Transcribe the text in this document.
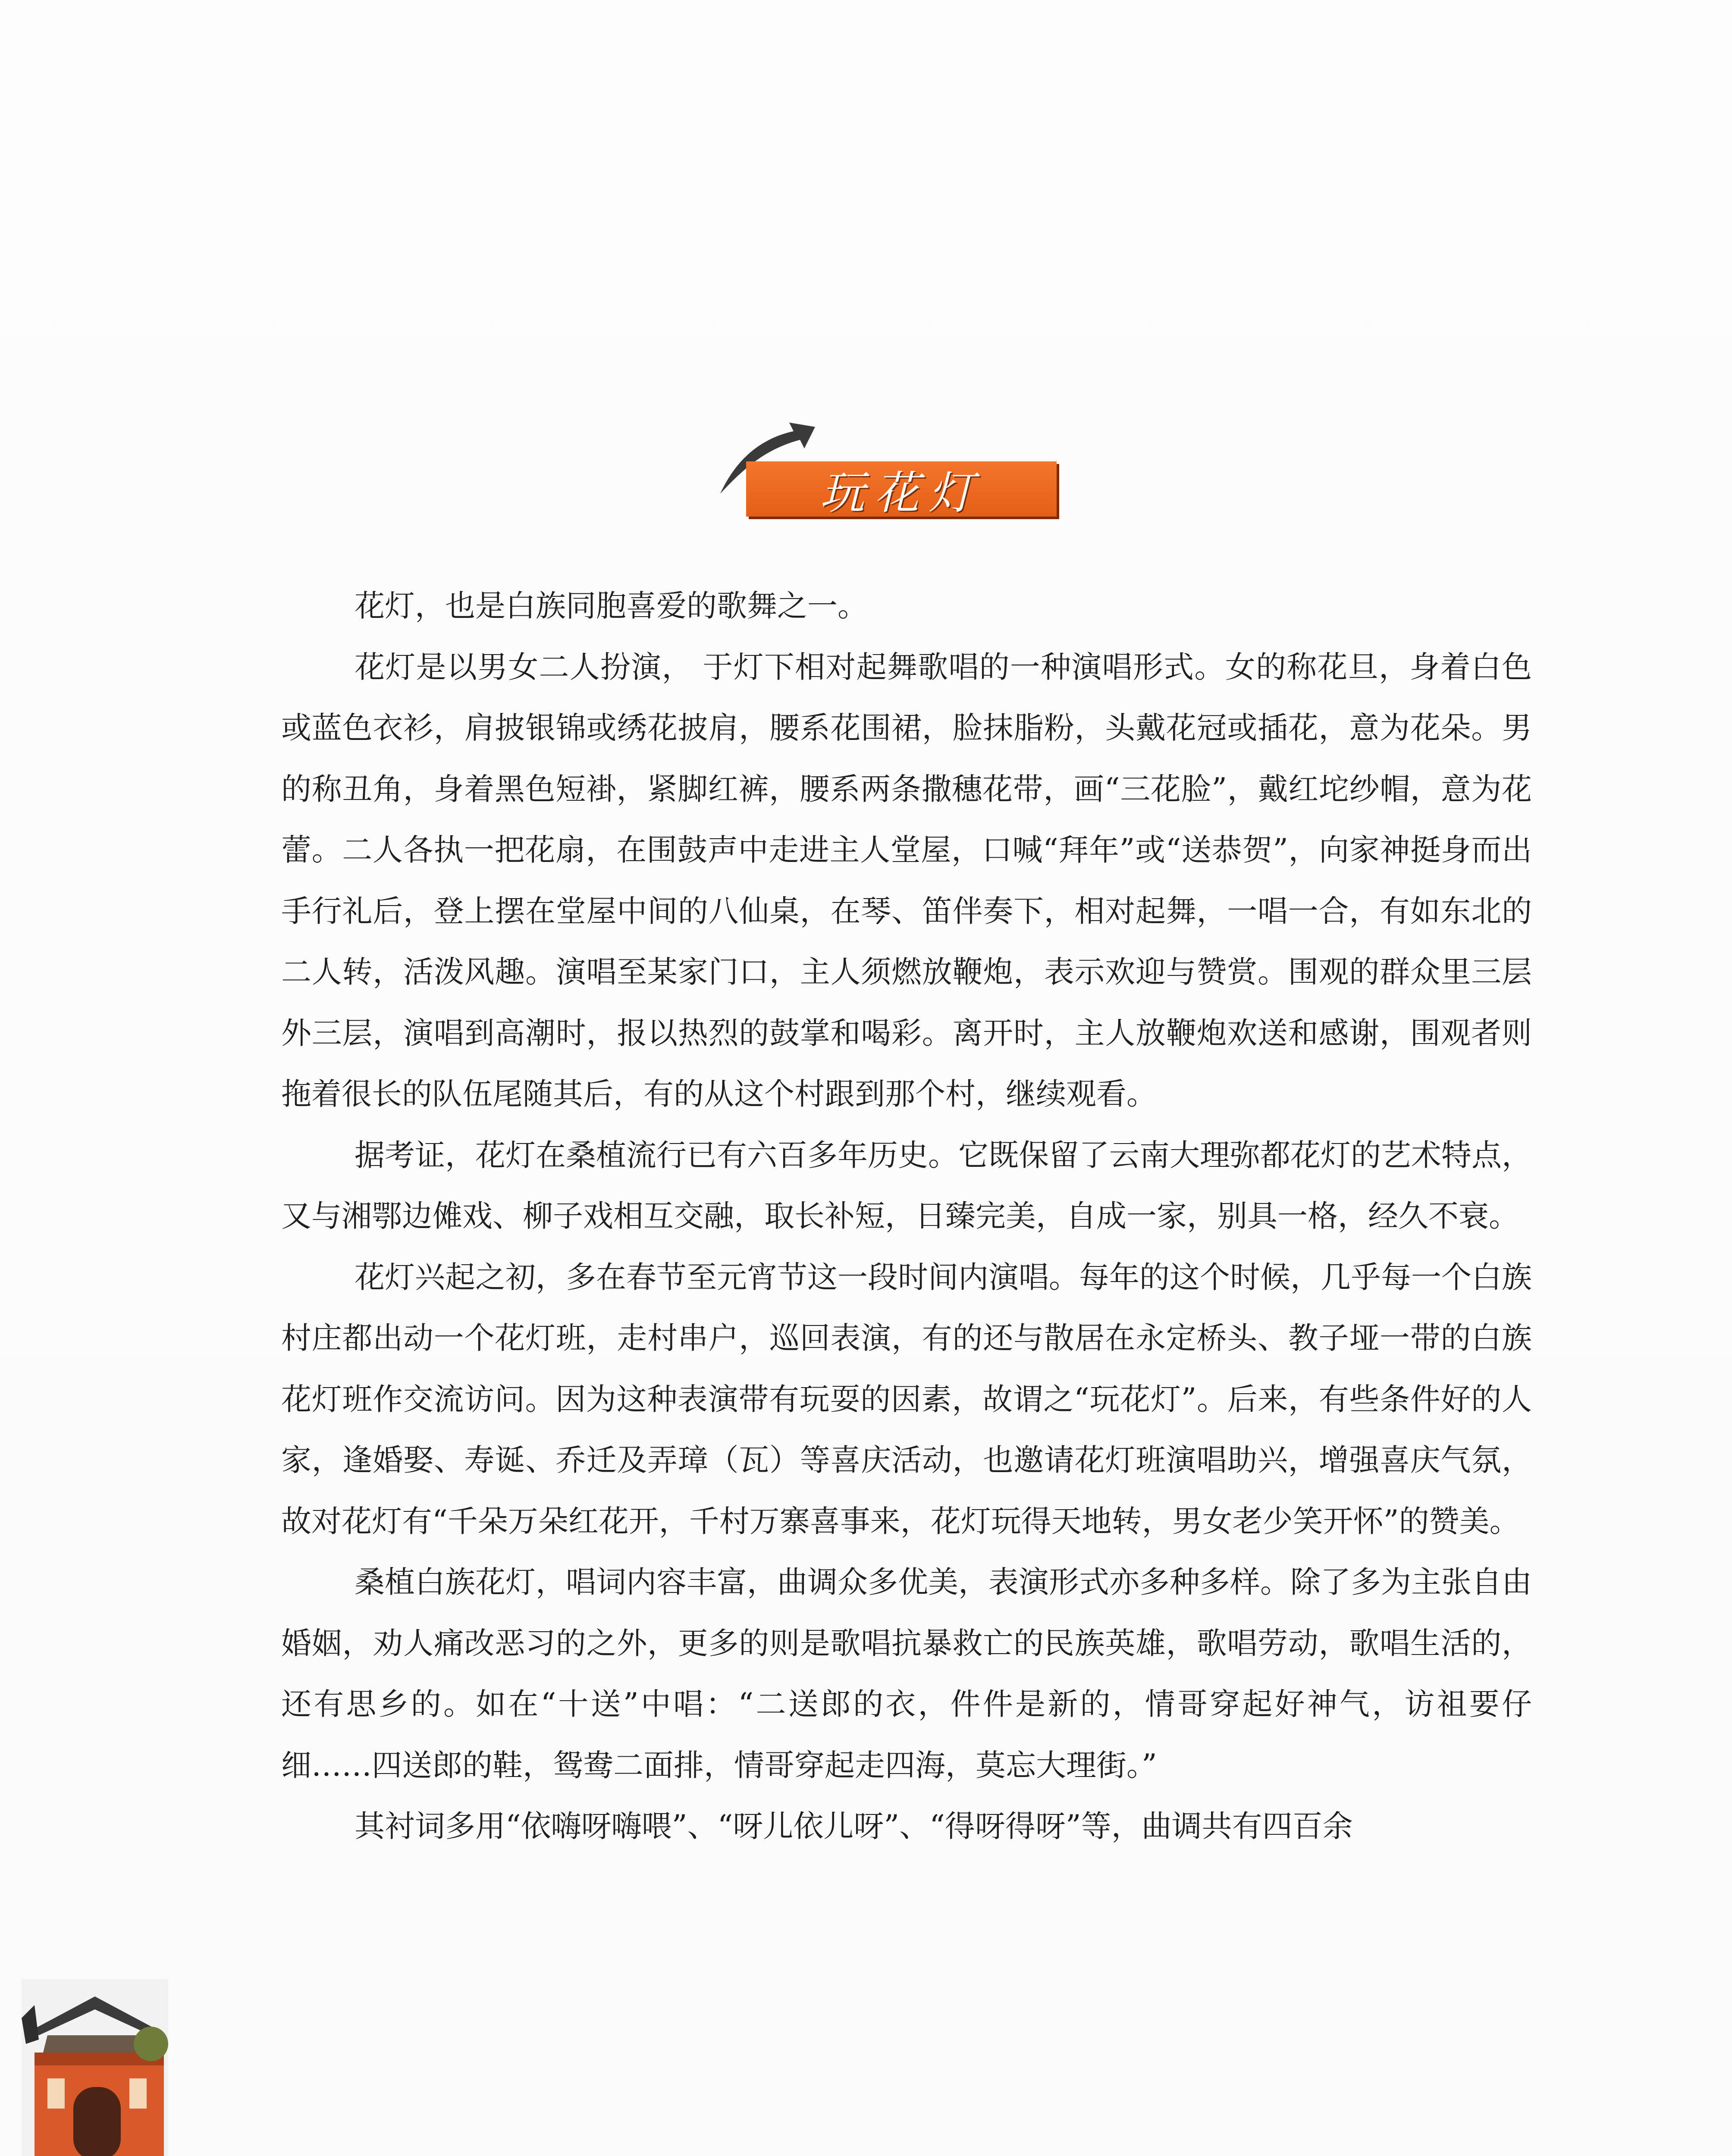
玩花灯

花灯，也是白族同胞喜爱的歌舞之一。

花灯是以男女二人扮演， 于灯下相对起舞歌唱的一种演唱形式。女的称花旦，身着白色或蓝色衣衫，肩披银锦或绣花披肩，腰系花围裙，脸抹脂粉，头戴花冠或插花，意为花朵。男的称丑角，身着黑色短褂，紧脚红裤，腰系两条撒穗花带，画“三花脸”，戴红坨纱帽，意为花蕾。二人各执一把花扇，在围鼓声中走进主人堂屋，口喊“拜年”或“送恭贺”，向家神挺身而出手行礼后，登上摆在堂屋中间的八仙桌，在琴、笛伴奏下，相对起舞，一唱一合，有如东北的二人转，活泼风趣。演唱至某家门口，主人须燃放鞭炮，表示欢迎与赞赏。围观的群众里三层外三层，演唱到高潮时，报以热烈的鼓掌和喝彩。离开时，主人放鞭炮欢送和感谢，围观者则拖着很长的队伍尾随其后，有的从这个村跟到那个村，继续观看。

据考证，花灯在桑植流行已有六百多年历史。它既保留了云南大理弥都花灯的艺术特点，又与湘鄂边傩戏、柳子戏相互交融，取长补短，日臻完美，自成一家，别具一格，经久不衰。

花灯兴起之初，多在春节至元宵节这一段时间内演唱。每年的这个时候，几乎每一个白族村庄都出动一个花灯班，走村串户，巡回表演，有的还与散居在永定桥头、教子垭一带的白族花灯班作交流访问。因为这种表演带有玩耍的因素，故谓之“玩花灯”。后来，有些条件好的人家，逢婚娶、寿诞、乔迁及弄璋（瓦）等喜庆活动，也邀请花灯班演唱助兴，增强喜庆气氛，故对花灯有“千朵万朵红花开，千村万寨喜事来，花灯玩得天地转，男女老少笑开怀”的赞美。

桑植白族花灯，唱词内容丰富，曲调众多优美，表演形式亦多种多样。除了多为主张自由婚姻，劝人痛改恶习的之外，更多的则是歌唱抗暴救亡的民族英雄，歌唱劳动，歌唱生活的，还有思乡的。如在“十送”中唱：“二送郎的衣，件件是新的，情哥穿起好神气，访祖要仔细……四送郎的鞋，鸳鸯二面排，情哥穿起走四海，莫忘大理街。”

其衬词多用“依嗨呀嗨喂”、“呀儿依儿呀”、“得呀得呀”等，曲调共有四百余
